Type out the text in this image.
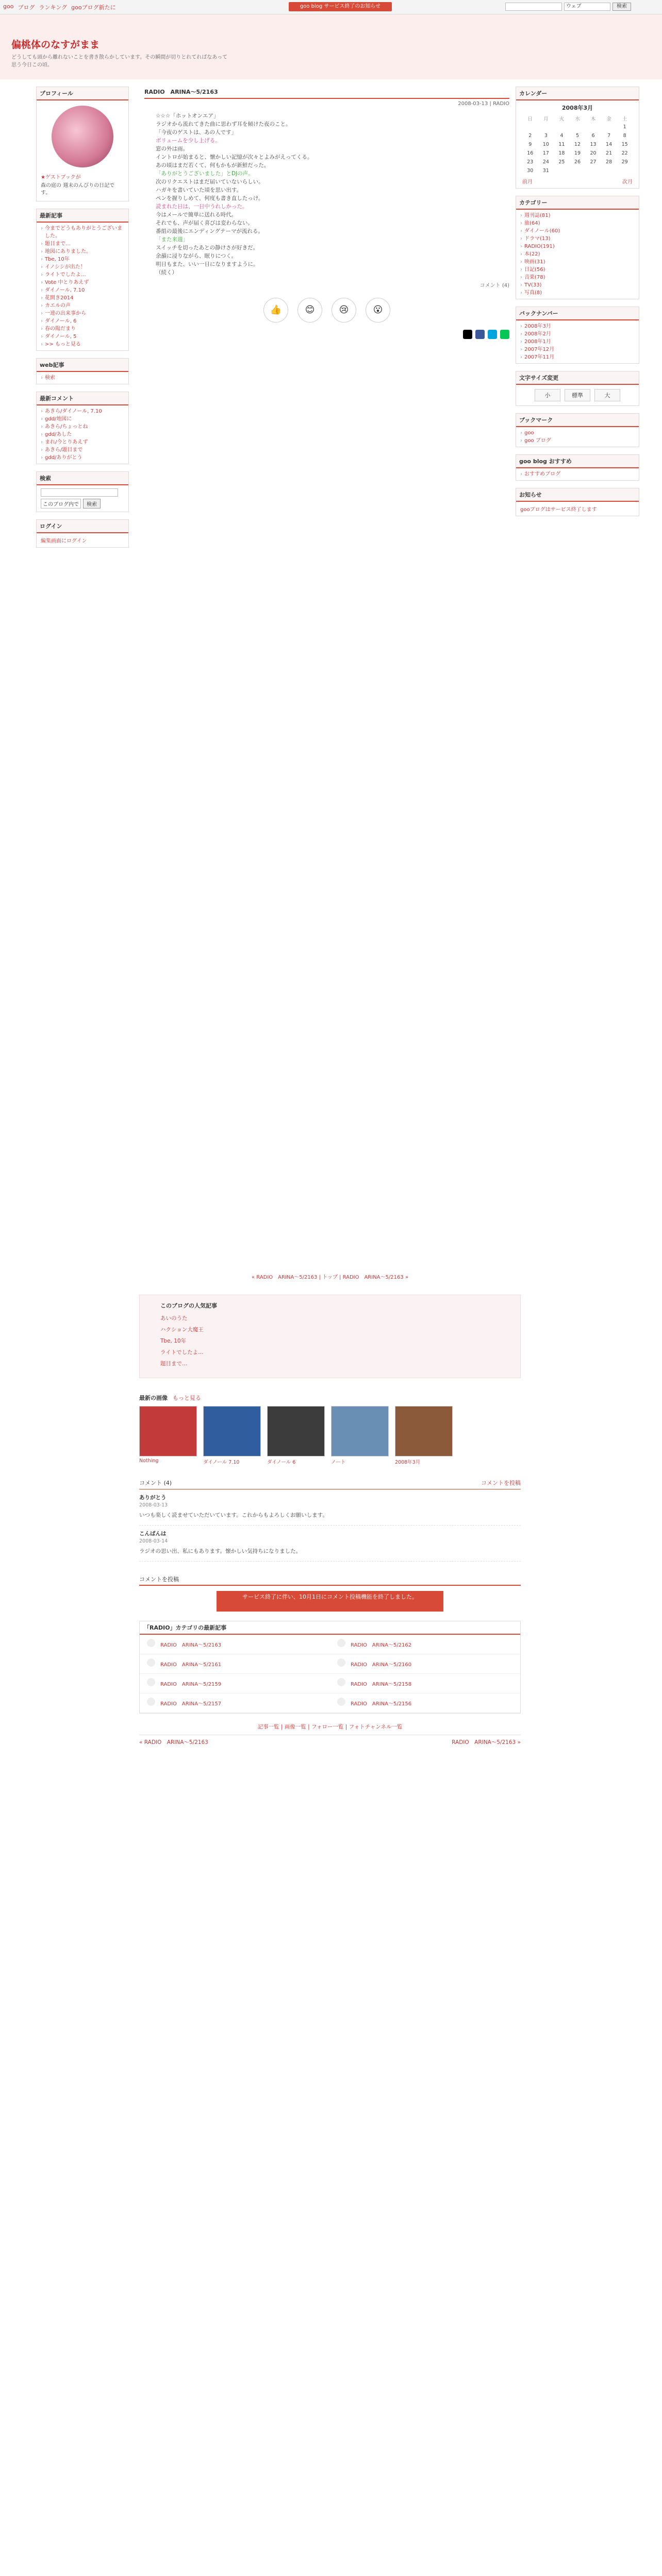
goo ブログ ランキング gooブログ新たに	goo blog サービス終了のお知らせ	ウェブ	検索
偏桃体のなすがまま
どうしても頭から離れないことを書き散らかしています。その瞬間が切りとれてればなあって思う今日この頃。
プロフィール
★ゲストブックが
森の庭の 週末のんびりの日記です。
最新記事
› 今までどうもありがとうございました。
› 題目まで…
› 地図にありました。
› Tbe, 10年
› イノシシが出た！
› ライトでしたよ…
› Vote 中とりあえず
› ダイノール, 7.10
› 花開き2014
› カエルの声
› 一連の出来事から
› ダイノール, 6
› 春の陽だまり
› ダイノール, 5
› >> もっと見る
web記事
› 検索
最新コメント
› あきら/ダイノール, 7.10
› gdd/地図に
› あきら/ちょっとね
› gdd/あした
› まれ/今とりあえず
› あきら/題目まで
› gdd/ありがとう
検索
このブログ内で	検索
ログイン
編集画面にログイン
RADIO　ARINA〜5/2163
2008-03-13 | RADIO

☆☆☆「ホットオンエア」

ラジオから流れてきた曲に思わず耳を傾けた夜のこと。

「今夜のゲストは、あの人です」

ボリュームを少し上げる。

窓の外は雨。

イントロが始まると、懐かしい記憶が次々とよみがえってくる。

あの頃はまだ若くて、何もかもが新鮮だった。

「ありがとうございました」とDJの声。

次のリクエストはまだ届いていないらしい。

ハガキを書いていた頃を思い出す。

ペンを握りしめて、何度も書き直したっけ。

読まれた日は、一日中うれしかった。

今はメールで簡単に送れる時代。

それでも、声が届く喜びは変わらない。

番組の最後にエンディングテーマが流れる。

「また来週」

スイッチを切ったあとの静けさが好きだ。

余韻に浸りながら、眠りにつく。

明日もまた、いい一日になりますように。

（続く）

コメント (4)
👍	😊	😢	😮
カレンダー
2008年3月
日	月	火	水	木	金	土
						1
2	3	4	5	6	7	8
9	10	11	12	13	14	15
16	17	18	19	20	21	22
23	24	25	26	27	28	29
30	31					
前月	次月
カテゴリー
› 週刊誌(81)
› 旅(64)
› ダイノール(60)
› ドラマ(13)
› RADIO(191)
› 本(22)
› 映画(31)
› 日記(56)
› 音楽(78)
› TV(33)
› 写真(8)
バックナンバー
› 2008年3月
› 2008年2月
› 2008年1月
› 2007年12月
› 2007年11月
文字サイズ変更
小	標準	大
ブックマーク
› goo
› goo ブログ
goo blog おすすめ
› おすすめブログ
お知らせ
gooブログはサービス終了します
« RADIO　ARINA〜5/2163 | トップ | RADIO　ARINA〜5/2163 »
このブログの人気記事
あいのうた
ハクション大魔王
Tbe, 10年
ライトでしたよ…
題目まで…
最新の画像 もっと見る
Nothing	ダイノール 7.10	ダイノール 6	ノート	2008年3月
コメント (4)	コメントを投稿
ありがとう
2008-03-13

いつも楽しく読ませていただいています。これからもよろしくお願いします。

こんばんは
2008-03-14

ラジオの思い出、私にもあります。懐かしい気持ちになりました。

コメントを投稿
サービス終了に伴い、10月1日にコメント投稿機能を終了しました。
「RADIO」カテゴリの最新記事
RADIO　ARINA〜5/2163	RADIO　ARINA〜5/2162
RADIO　ARINA〜5/2161	RADIO　ARINA〜5/2160
RADIO　ARINA〜5/2159	RADIO　ARINA〜5/2158
RADIO　ARINA〜5/2157	RADIO　ARINA〜5/2156
記事一覧 | 画像一覧 | フォロー一覧 | フォトチャンネル一覧
« RADIO　ARINA〜5/2163	RADIO　ARINA〜5/2163 »
